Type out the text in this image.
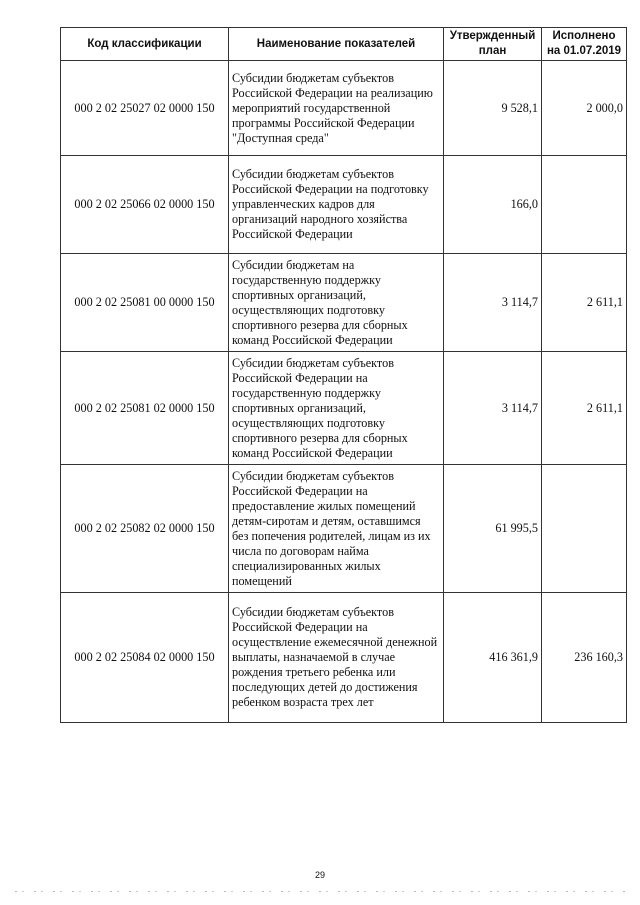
Код классификации	Наименование показателей	Утвержденный план	Исполнено на 01.07.2019
000 2 02 25027 02 0000 150	Субсидии бюджетам субъектов Российской Федерации на реализацию мероприятий государственной программы Российской Федерации "Доступная среда"	9 528,1	2 000,0
000 2 02 25066 02 0000 150	Субсидии бюджетам субъектов Российской Федерации на подготовку управленческих кадров для организаций народного хозяйства Российской Федерации	166,0	
000 2 02 25081 00 0000 150	Субсидии бюджетам на государственную поддержку спортивных организаций, осуществляющих подготовку спортивного резерва для сборных команд Российской Федерации	3 114,7	2 611,1
000 2 02 25081 02 0000 150	Субсидии бюджетам субъектов Российской Федерации на государственную поддержку спортивных организаций, осуществляющих подготовку спортивного резерва для сборных команд Российской Федерации	3 114,7	2 611,1
000 2 02 25082 02 0000 150	Субсидии бюджетам субъектов Российской Федерации на предоставление жилых помещений детям-сиротам и детям, оставшимся без попечения родителей, лицам из их числа по договорам найма специализированных жилых помещений	61 995,5	
000 2 02 25084 02 0000 150	Субсидии бюджетам субъектов Российской Федерации на осуществление ежемесячной денежной выплаты, назначаемой в случае рождения третьего ребенка или последующих детей до достижения ребенком возраста трех лет	416 361,9	236 160,3
29
